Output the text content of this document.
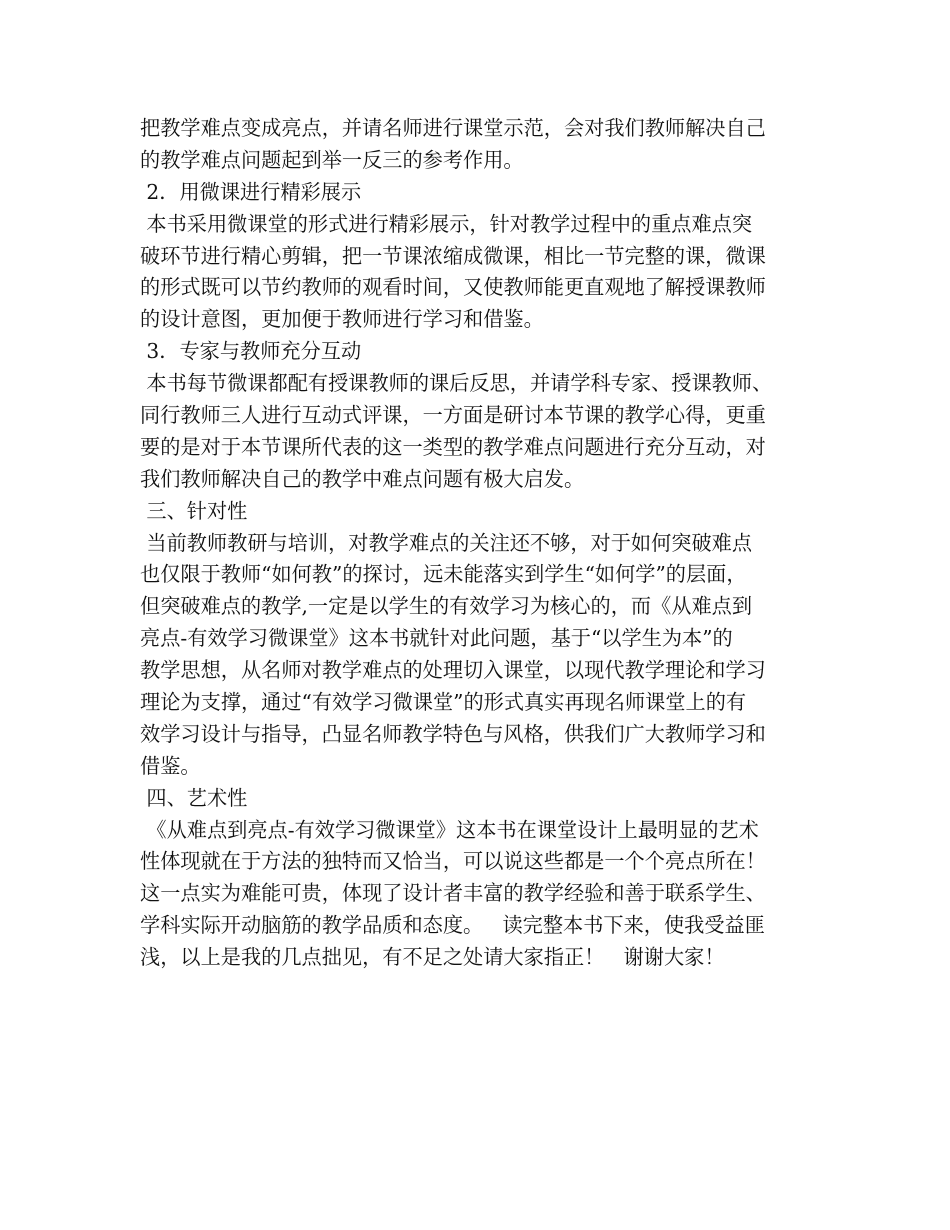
把教学难点变成亮点，并请名师进行课堂示范，会对我们教师解决自己
的教学难点问题起到举一反三的参考作用。
2．用微课进行精彩展示
本书采用微课堂的形式进行精彩展示，针对教学过程中的重点难点突
破环节进行精心剪辑，把一节课浓缩成微课，相比一节完整的课，微课
的形式既可以节约教师的观看时间，又使教师能更直观地了解授课教师
的设计意图，更加便于教师进行学习和借鉴。
3．专家与教师充分互动
本书每节微课都配有授课教师的课后反思，并请学科专家、授课教师、
同行教师三人进行互动式评课，一方面是研讨本节课的教学心得，更重
要的是对于本节课所代表的这一类型的教学难点问题进行充分互动，对
我们教师解决自己的教学中难点问题有极大启发。
三、针对性
当前教师教研与培训，对教学难点的关注还不够，对于如何突破难点
也仅限于教师“如何教”的探讨，远未能落实到学生“如何学”的层面，
但突破难点的教学,一定是以学生的有效学习为核心的，而《从难点到
亮点-有效学习微课堂》这本书就针对此问题，基于“以学生为本”的
教学思想，从名师对教学难点的处理切入课堂，以现代教学理论和学习
理论为支撑，通过“有效学习微课堂”的形式真实再现名师课堂上的有
效学习设计与指导，凸显名师教学特色与风格，供我们广大教师学习和
借鉴。
四、艺术性
《从难点到亮点-有效学习微课堂》这本书在课堂设计上最明显的艺术
性体现就在于方法的独特而又恰当，可以说这些都是一个个亮点所在！
这一点实为难能可贵，体现了设计者丰富的教学经验和善于联系学生、
学科实际开动脑筋的教学品质和态度。   读完整本书下来，使我受益匪
浅，以上是我的几点拙见，有不足之处请大家指正！   谢谢大家！
